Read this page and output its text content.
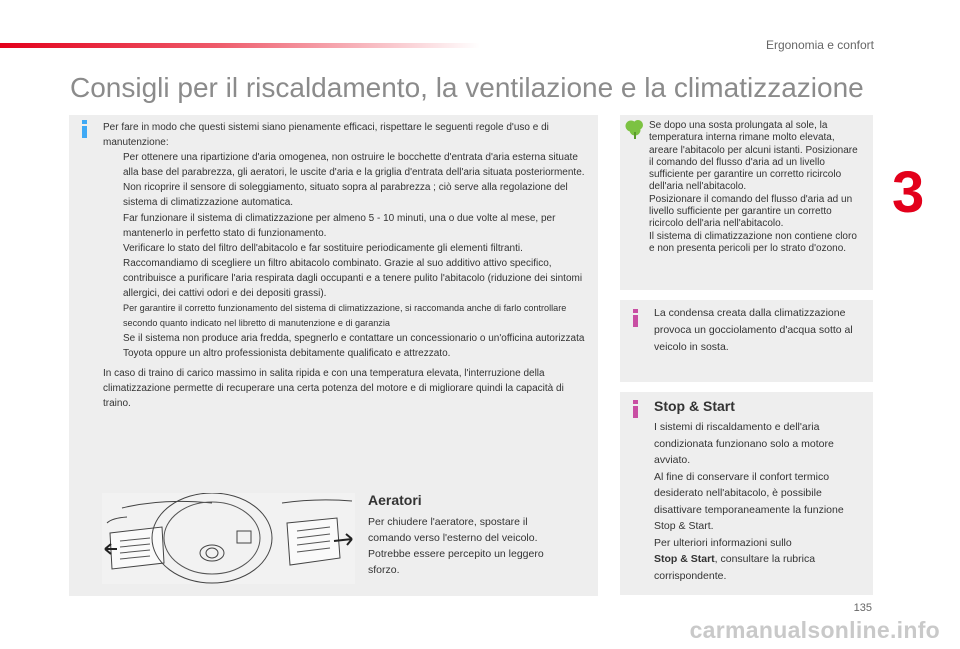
Ergonomia e confort
Consigli per il riscaldamento, la ventilazione e la climatizzazione
3

Per fare in modo che questi sistemi siano pienamente efficaci, rispettare le seguenti regole d'uso e di manutenzione:

Per ottenere una ripartizione d'aria omogenea, non ostruire le bocchette d'entrata d'aria esterna situate alla base del parabrezza, gli aeratori, le uscite d'aria e la griglia d'entrata dell'aria situata posteriormente.
Non ricoprire il sensore di soleggiamento, situato sopra al parabrezza ; ciò serve alla regolazione del sistema di climatizzazione automatica.
Far funzionare il sistema di climatizzazione per almeno 5 - 10 minuti, una o due volte al mese, per mantenerlo in perfetto stato di funzionamento.
Verificare lo stato del filtro dell'abitacolo e far sostituire periodicamente gli elementi filtranti.
Raccomandiamo di scegliere un filtro abitacolo combinato. Grazie al suo additivo attivo specifico, contribuisce a purificare l'aria respirata dagli occupanti e a tenere pulito l'abitacolo (riduzione dei sintomi allergici, dei cattivi odori e dei depositi grassi).
Per garantire il corretto funzionamento del sistema di climatizzazione, si raccomanda anche di farlo controllare secondo quanto indicato nel libretto di manutenzione e di garanzia
Se il sistema non produce aria fredda, spegnerlo e contattare un concessionario o un'officina autorizzata Toyota oppure un altro professionista debitamente qualificato e attrezzato.

In caso di traino di carico massimo in salita ripida e con una temperatura elevata, l'interruzione della climatizzazione permette di recuperare una certa potenza del motore e di migliorare quindi la capacità di traino.

Aeratori
Per chiudere l'aeratore, spostare il comando verso l'esterno del veicolo. Potrebbe essere percepito un leggero sforzo.
Se dopo una sosta prolungata al sole, la temperatura interna rimane molto elevata, areare l'abitacolo per alcuni istanti. Posizionare il comando del flusso d'aria ad un livello sufficiente per garantire un corretto ricircolo dell'aria nell'abitacolo.
Posizionare il comando del flusso d'aria ad un livello sufficiente per garantire un corretto ricircolo dell'aria nell'abitacolo.
Il sistema di climatizzazione non contiene cloro e non presenta pericoli per lo strato d'ozono.
La condensa creata dalla climatizzazione provoca un gocciolamento d'acqua sotto al veicolo in sosta.
Stop & Start
I sistemi di riscaldamento e dell'aria condizionata funzionano solo a motore avviato.
Al fine di conservare il confort termico desiderato nell'abitacolo, è possibile disattivare temporaneamente la funzione Stop & Start.
Per ulteriori informazioni sullo
Stop & Start, consultare la rubrica corrispondente.
135
carmanualsonline.info
